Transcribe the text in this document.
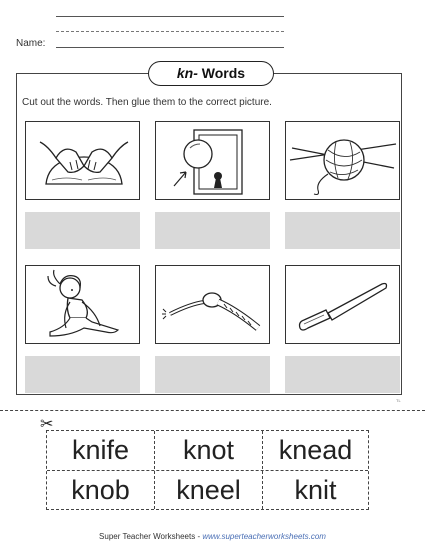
Name:
kn- Words
Cut out the words. Then glue them to the correct picture.
TL
✂
knife	knot	knead
knob	kneel	knit
Super Teacher Worksheets - www.superteacherworksheets.com
